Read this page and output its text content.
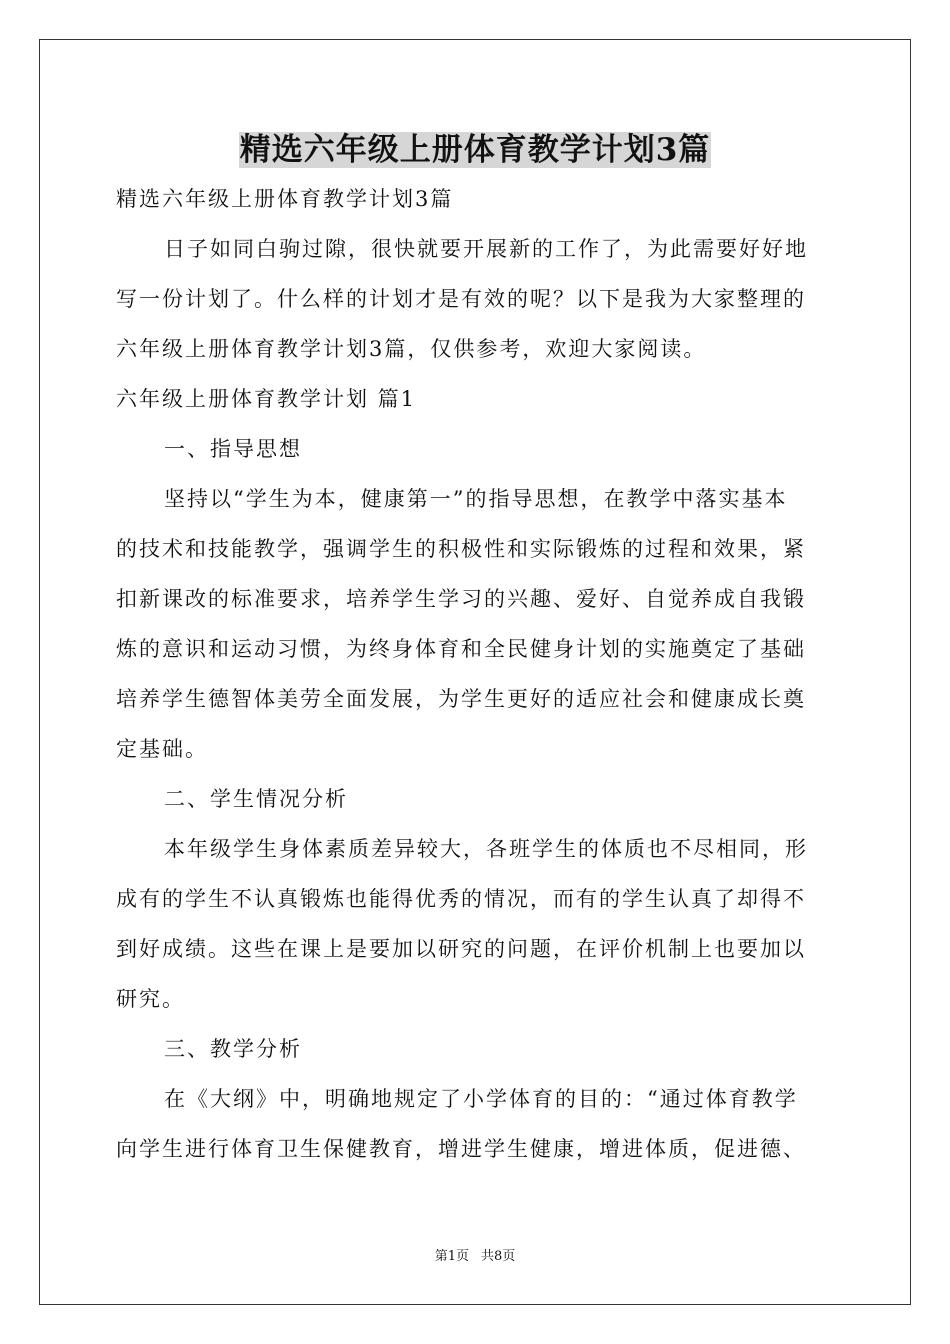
精选六年级上册体育教学计划3篇
精选六年级上册体育教学计划3篇
日子如同白驹过隙，很快就要开展新的工作了，为此需要好好地
写一份计划了。什么样的计划才是有效的呢？以下是我为大家整理的
六年级上册体育教学计划3篇，仅供参考，欢迎大家阅读。
六年级上册体育教学计划 篇1
一、指导思想
坚持以“学生为本，健康第一”的指导思想，在教学中落实基本
的技术和技能教学，强调学生的积极性和实际锻炼的过程和效果，紧
扣新课改的标准要求，培养学生学习的兴趣、爱好、自觉养成自我锻
炼的意识和运动习惯，为终身体育和全民健身计划的实施奠定了基础
培养学生德智体美劳全面发展，为学生更好的适应社会和健康成长奠
定基础。
二、学生情况分析
本年级学生身体素质差异较大，各班学生的体质也不尽相同，形
成有的学生不认真锻炼也能得优秀的情况，而有的学生认真了却得不
到好成绩。这些在课上是要加以研究的问题，在评价机制上也要加以
研究。
三、教学分析
在《大纲》中，明确地规定了小学体育的目的：“通过体育教学
向学生进行体育卫生保健教育，增进学生健康，增进体质，促进德、
第1页 共8页
